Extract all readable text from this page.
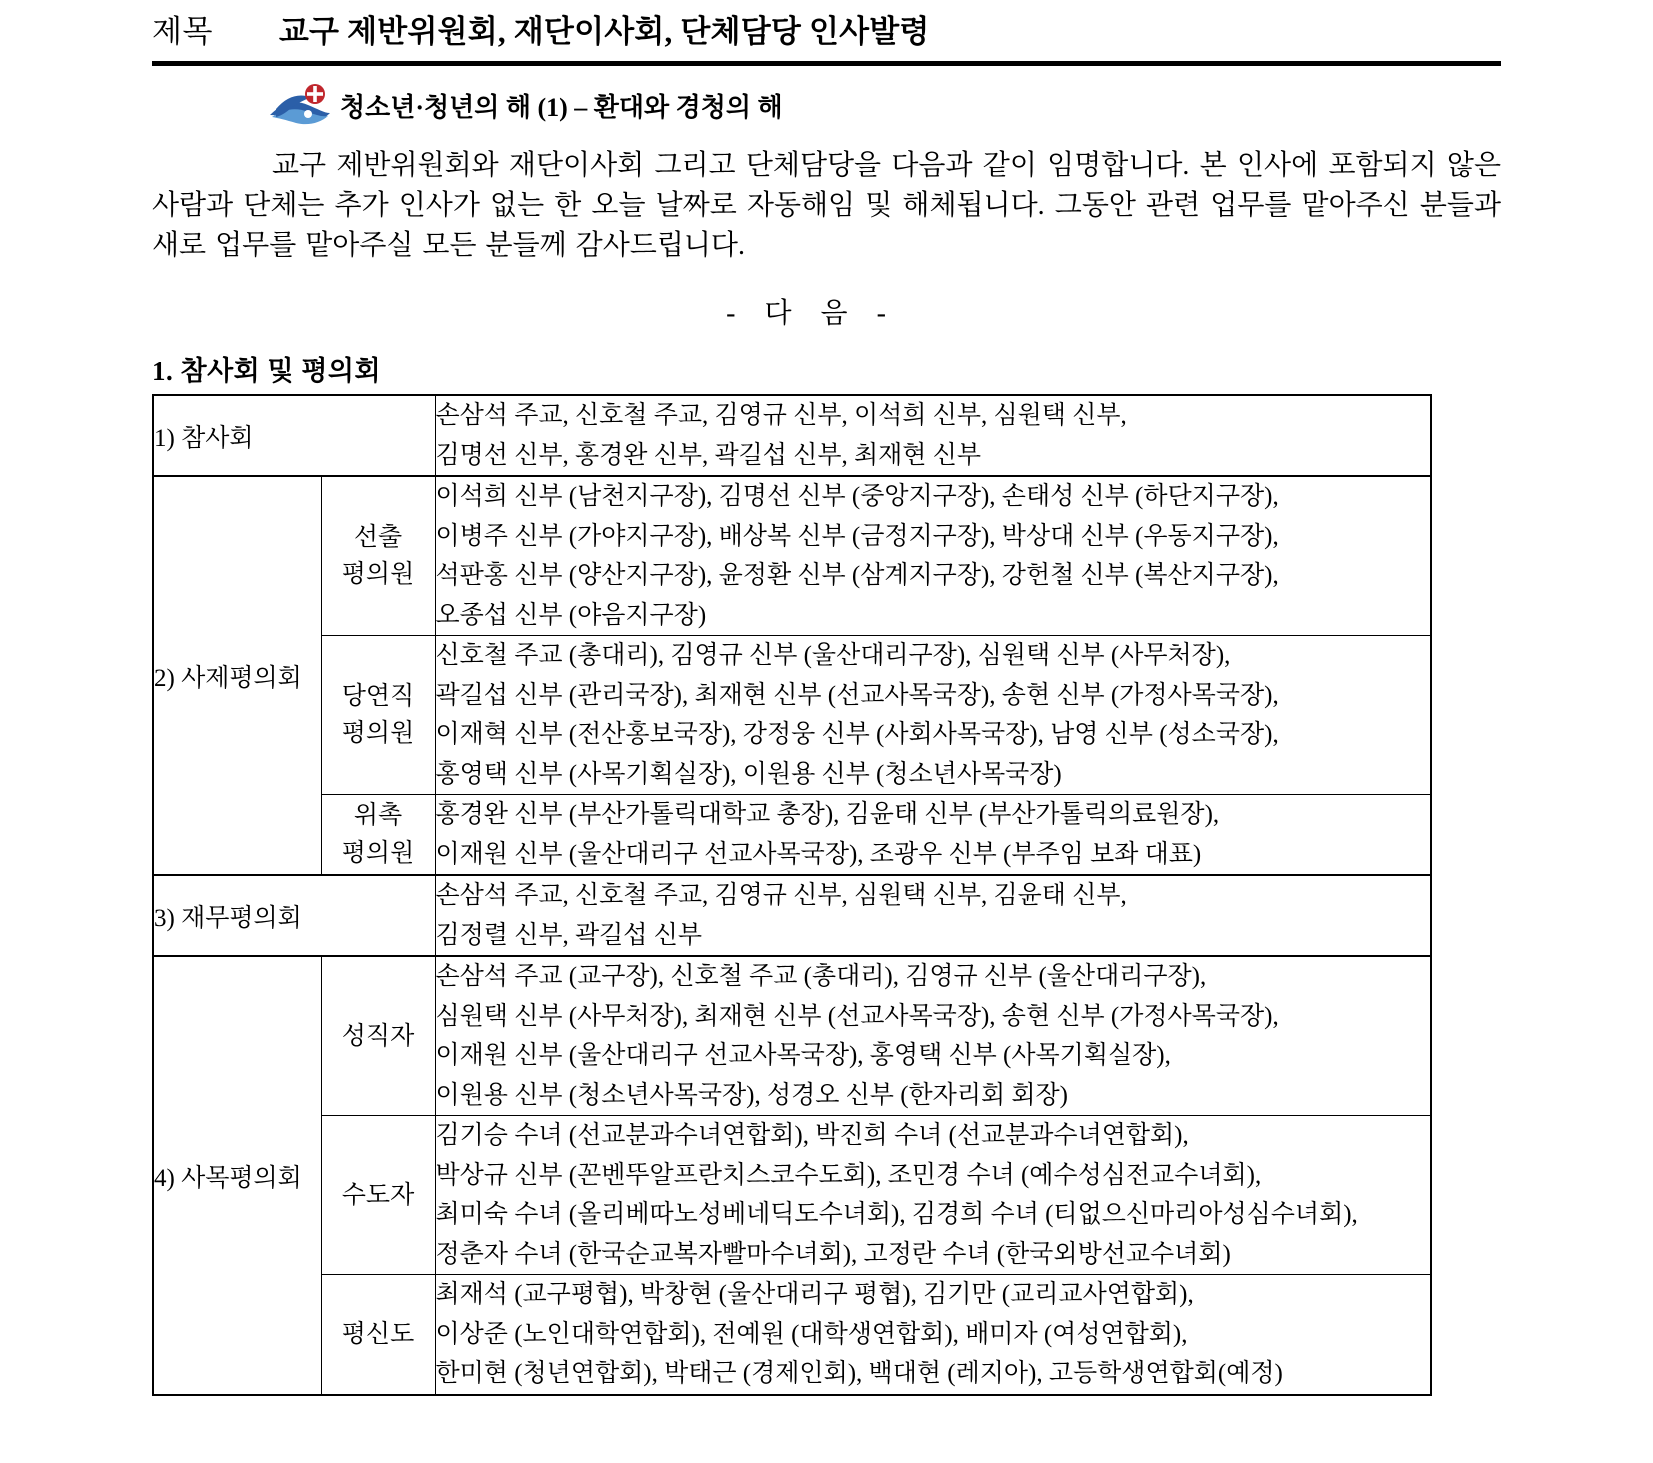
제목 교구 제반위원회, 재단이사회, 단체담당 인사발령
청소년·청년의 해 (1) – 환대와 경청의 해
교구 제반위원회와 재단이사회 그리고 단체담당을 다음과 같이 임명합니다. 본 인사에 포함되지 않은 사람과 단체는 추가 인사가 없는 한 오늘 날짜로 자동해임 및 해체됩니다. 그동안 관련 업무를 맡아주신 분들과 새로 업무를 맡아주실 모든 분들께 감사드립니다.
- 다 음 -
1. 참사회 및 평의회
1) 참사회		손삼석 주교, 신호철 주교, 김영규 신부, 이석희 신부, 심원택 신부,
김명선 신부, 홍경완 신부, 곽길섭 신부, 최재현 신부

2) 사제평의회	선출
평의원	이석희 신부 (남천지구장), 김명선 신부 (중앙지구장), 손태성 신부 (하단지구장),
이병주 신부 (가야지구장), 배상복 신부 (금정지구장), 박상대 신부 (우동지구장),
석판홍 신부 (양산지구장), 윤정환 신부 (삼계지구장), 강헌철 신부 (복산지구장),
오종섭 신부 (야음지구장)

	당연직
평의원	신호철 주교 (총대리), 김영규 신부 (울산대리구장), 심원택 신부 (사무처장),
곽길섭 신부 (관리국장), 최재현 신부 (선교사목국장), 송현 신부 (가정사목국장),
이재혁 신부 (전산홍보국장), 강정웅 신부 (사회사목국장), 남영 신부 (성소국장),
홍영택 신부 (사목기획실장), 이원용 신부 (청소년사목국장)

	위촉
평의원	홍경완 신부 (부산가톨릭대학교 총장), 김윤태 신부 (부산가톨릭의료원장),
이재원 신부 (울산대리구 선교사목국장), 조광우 신부 (부주임 보좌 대표)

3) 재무평의회		손삼석 주교, 신호철 주교, 김영규 신부, 심원택 신부, 김윤태 신부,
김정렬 신부, 곽길섭 신부

4) 사목평의회	성직자	손삼석 주교 (교구장), 신호철 주교 (총대리), 김영규 신부 (울산대리구장),
심원택 신부 (사무처장), 최재현 신부 (선교사목국장), 송현 신부 (가정사목국장),
이재원 신부 (울산대리구 선교사목국장), 홍영택 신부 (사목기획실장),
이원용 신부 (청소년사목국장), 성경오 신부 (한자리회 회장)

	수도자	김기승 수녀 (선교분과수녀연합회), 박진희 수녀 (선교분과수녀연합회),
박상규 신부 (꼰벤뚜알프란치스코수도회), 조민경 수녀 (예수성심전교수녀회),
최미숙 수녀 (올리베따노성베네딕도수녀회), 김경희 수녀 (티없으신마리아성심수녀회),
정춘자 수녀 (한국순교복자빨마수녀회), 고정란 수녀 (한국외방선교수녀회)

	평신도	최재석 (교구평협), 박창현 (울산대리구 평협), 김기만 (교리교사연합회),
이상준 (노인대학연합회), 전예원 (대학생연합회), 배미자 (여성연합회),
한미현 (청년연합회), 박태근 (경제인회), 백대현 (레지아), 고등학생연합회(예정)
